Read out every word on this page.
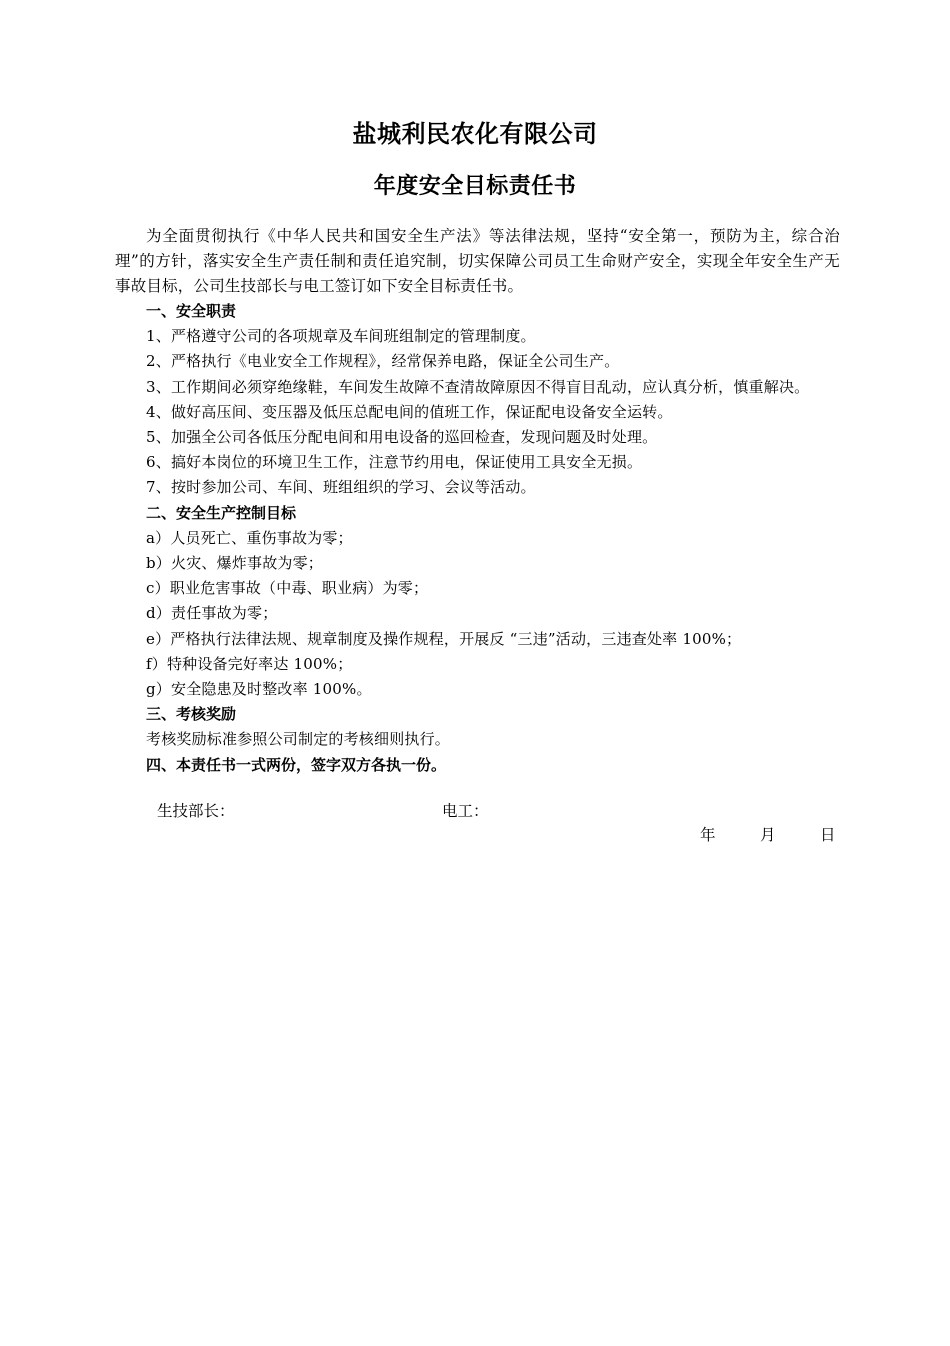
盐城利民农化有限公司
年度安全目标责任书

为全面贯彻执行《中华人民共和国安全生产法》等法律法规，坚持“安全第一，预防为主，综合治理”的方针，落实安全生产责任制和责任追究制，切实保障公司员工生命财产安全，实现全年安全生产无事故目标，公司生技部长与电工签订如下安全目标责任书。

一、安全职责

1、严格遵守公司的各项规章及车间班组制定的管理制度。

2、严格执行《电业安全工作规程》，经常保养电路，保证全公司生产。

3、工作期间必须穿绝缘鞋，车间发生故障不查清故障原因不得盲目乱动，应认真分析，慎重解决。

4、做好高压间、变压器及低压总配电间的值班工作，保证配电设备安全运转。

5、加强全公司各低压分配电间和用电设备的巡回检查，发现问题及时处理。

6、搞好本岗位的环境卫生工作，注意节约用电，保证使用工具安全无损。

7、按时参加公司、车间、班组组织的学习、会议等活动。

二、安全生产控制目标

a）人员死亡、重伤事故为零；

b）火灾、爆炸事故为零；

c）职业危害事故（中毒、职业病）为零；

d）责任事故为零；

e）严格执行法律法规、规章制度及操作规程，开展反 “三违”活动，三违查处率 100%；

f）特种设备完好率达 100%；

g）安全隐患及时整改率 100%。

三、考核奖励

考核奖励标准参照公司制定的考核细则执行。

四、本责任书一式两份，签字双方各执一份。

生技部长：	电工：
年	月	日
